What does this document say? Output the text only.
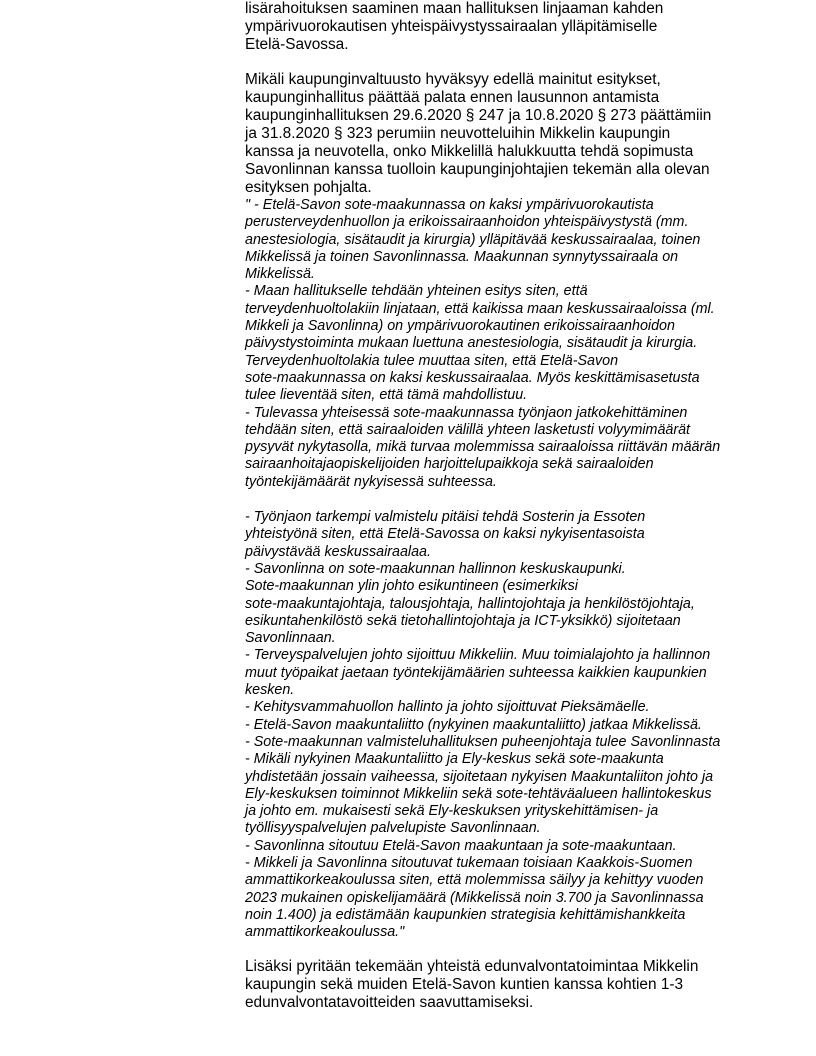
lisärahoituksen saaminen maan hallituksen linjaaman kahden
ympärivuorokautisen yhteispäivystyssairaalan ylläpitämiselle
Etelä-Savossa.

Mikäli kaupunginvaltuusto hyväksyy edellä mainitut esitykset,
kaupunginhallitus päättää palata ennen lausunnon antamista
kaupunginhallituksen 29.6.2020 § 247 ja 10.8.2020 § 273 päättämiin
ja 31.8.2020 § 323 perumiin neuvotteluihin Mikkelin kaupungin
kanssa ja neuvotella, onko Mikkelillä halukkuutta tehdä sopimusta
Savonlinnan kanssa tuolloin kaupunginjohtajien tekemän alla olevan
esityksen pohjalta.

" - Etelä-Savon sote-maakunnassa on kaksi ympärivuorokautista
perusterveydenhuollon ja erikoissairaanhoidon yhteispäivystystä (mm.
anestesiologia, sisätaudit ja kirurgia) ylläpitävää keskussairaalaa, toinen
Mikkelissä ja toinen Savonlinnassa. Maakunnan synnytyssairaala on
Mikkelissä.
- Maan hallitukselle tehdään yhteinen esitys siten, että
terveydenhuoltolakiin linjataan, että kaikissa maan keskussairaaloissa (ml.
Mikkeli ja Savonlinna) on ympärivuorokautinen erikoissairaanhoidon
päivystystoiminta mukaan luettuna anestesiologia, sisätaudit ja kirurgia.
Terveydenhuoltolakia tulee muuttaa siten, että Etelä-Savon
sote-maakunnassa on kaksi keskussairaalaa. Myös keskittämisasetusta
tulee lieventää siten, että tämä mahdollistuu.
- Tulevassa yhteisessä sote-maakunnassa työnjaon jatkokehittäminen
tehdään siten, että sairaaloiden välillä yhteen lasketusti volyymimäärät
pysyvät nykytasolla, mikä turvaa molemmissa sairaaloissa riittävän määrän
sairaanhoitajaopiskelijoiden harjoittelupaikkoja sekä sairaaloiden
työntekijämäärät nykyisessä suhteessa.

- Työnjaon tarkempi valmistelu pitäisi tehdä Sosterin ja Essoten
yhteistyönä siten, että Etelä-Savossa on kaksi nykyisentasoista
päivystävää keskussairaalaa.
- Savonlinna on sote-maakunnan hallinnon keskuskaupunki.
Sote-maakunnan ylin johto esikuntineen (esimerkiksi
sote-maakuntajohtaja, talousjohtaja, hallintojohtaja ja henkilöstöjohtaja,
esikuntahenkilöstö sekä tietohallintojohtaja ja ICT-yksikkö) sijoitetaan
Savonlinnaan.
- Terveyspalvelujen johto sijoittuu Mikkeliin. Muu toimialajohto ja hallinnon
muut työpaikat jaetaan työntekijämäärien suhteessa kaikkien kaupunkien
kesken.
- Kehitysvammahuollon hallinto ja johto sijoittuvat Pieksämäelle.
- Etelä-Savon maakuntaliitto (nykyinen maakuntaliitto) jatkaa Mikkelissä.
- Sote-maakunnan valmisteluhallituksen puheenjohtaja tulee Savonlinnasta
- Mikäli nykyinen Maakuntaliitto ja Ely-keskus sekä sote-maakunta
yhdistetään jossain vaiheessa, sijoitetaan nykyisen Maakuntaliiton johto ja
Ely-keskuksen toiminnot Mikkeliin sekä sote-tehtäväalueen hallintokeskus
ja johto em. mukaisesti sekä Ely-keskuksen yrityskehittämisen- ja
työllisyyspalvelujen palvelupiste Savonlinnaan.
- Savonlinna sitoutuu Etelä-Savon maakuntaan ja sote-maakuntaan.
- Mikkeli ja Savonlinna sitoutuvat tukemaan toisiaan Kaakkois-Suomen
ammattikorkeakoulussa siten, että molemmissa säilyy ja kehittyy vuoden
2023 mukainen opiskelijamäärä (Mikkelissä noin 3.700 ja Savonlinnassa
noin 1.400) ja edistämään kaupunkien strategisia kehittämishankkeita
ammattikorkeakoulussa."

Lisäksi pyritään tekemään yhteistä edunvalvontatoimintaa Mikkelin
kaupungin sekä muiden Etelä-Savon kuntien kanssa kohtien 1-3
edunvalvontatavoitteiden saavuttamiseksi.
